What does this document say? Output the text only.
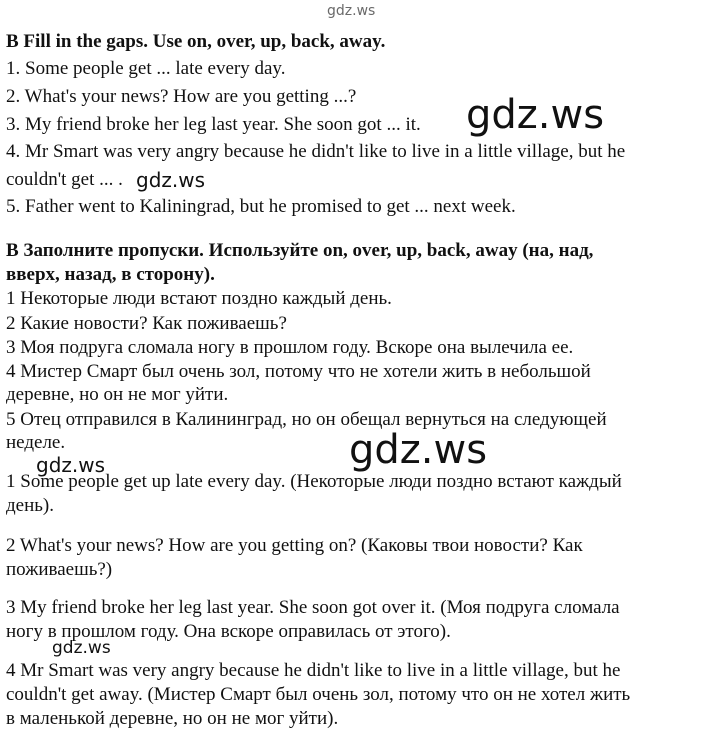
gdz.ws
B Fill in the gaps. Use on, over, up, back, away.
1. Some people get ... late every day.
2. What's your news? How are you getting ...?
3. My friend broke her leg last year. She soon got ... it.
4. Mr Smart was very angry because he didn't like to live in a little village, but he
couldn't get ... .
5. Father went to Kaliningrad, but he promised to get ... next week.
B Заполните пропуски. Используйте on, over, up, back, away (на, над,
вверх, назад, в сторону).
1 Некоторые люди встают поздно каждый день.
2 Какие новости? Как поживаешь?
3 Моя подруга сломала ногу в прошлом году. Вскоре она вылечила ее.
4 Мистер Смарт был очень зол, потому что не хотели жить в небольшой
деревне, но он не мог уйти.
5 Отец отправился в Калининград, но он обещал вернуться на следующей
неделе.
1 Some people get up late every day. (Некоторые люди поздно встают каждый
день).
2 What's your news? How are you getting on? (Каковы твои новости? Как
поживаешь?)
3 My friend broke her leg last year. She soon got over it. (Моя подруга сломала
ногу в прошлом году. Она вскоре оправилась от этого).
4 Mr Smart was very angry because he didn't like to live in a little village, but he
couldn't get away. (Мистер Смарт был очень зол, потому что он не хотел жить
в маленькой деревне, но он не мог уйти).
gdz.ws
gdz.ws
gdz.ws
gdz.ws
gdz.ws
